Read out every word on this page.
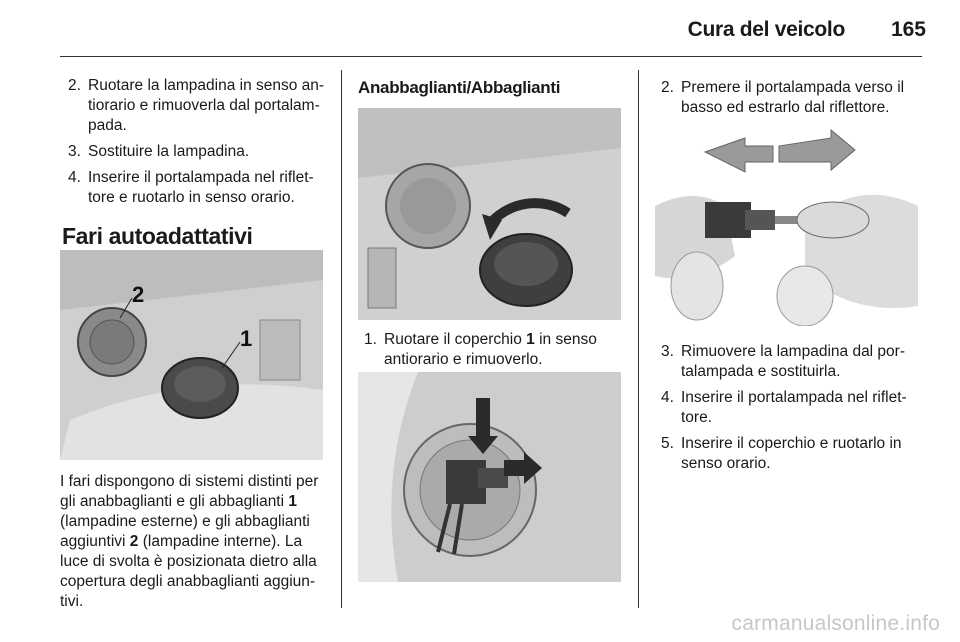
Cura del veicolo	165
2. Ruotare la lampadina in senso an-tiorario e rimuoverla dal portalam-pada.
3. Sostituire la lampadina.
4. Inserire il portalampada nel riflet-tore e ruotarlo in senso orario.
Fari autoadattativi
2
1

I fari dispongono di sistemi distinti per gli anabbaglianti e gli abbaglianti 1 (lampadine esterne) e gli abbaglianti aggiuntivi 2 (lampadine interne). La luce di svolta è posizionata dietro alla copertura degli anabbaglianti aggiun-tivi.

Anabbaglianti/Abbaglianti
1. Ruotare il coperchio 1 in senso antiorario e rimuoverlo.
2. Premere il portalampada verso il basso ed estrarlo dal riflettore.
3. Rimuovere la lampadina dal por-talampada e sostituirla.
4. Inserire il portalampada nel riflet-tore.
5. Inserire il coperchio e ruotarlo in senso orario.
carmanualsonline.info
